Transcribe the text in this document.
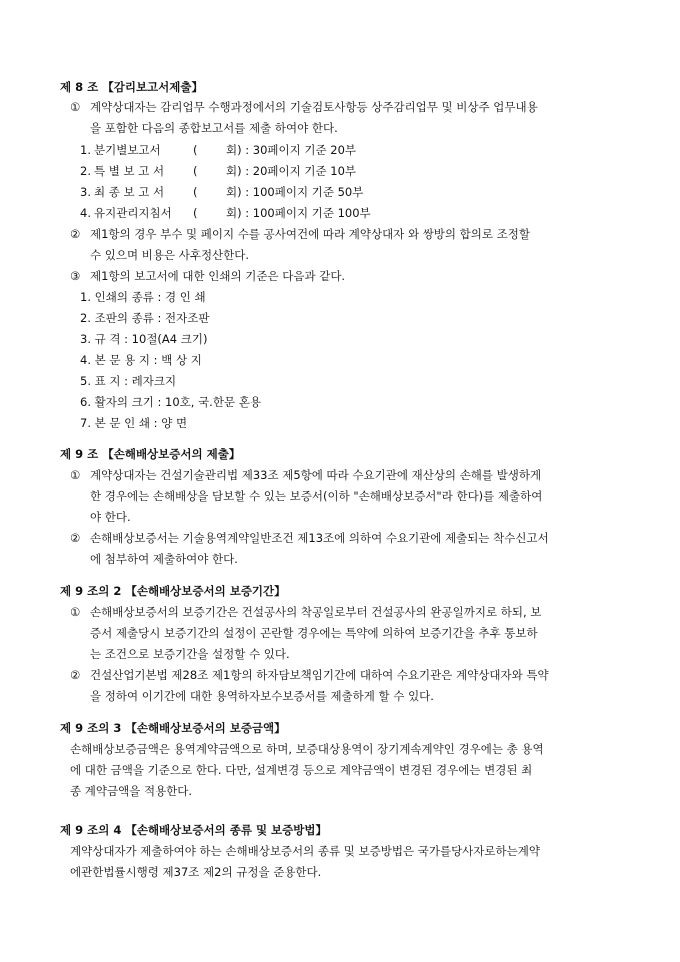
제 8 조 【감리보고서제출】
① 계약상대자는 감리업무 수행과정에서의 기술검토사항등 상주감리업무 및 비상주 업무내용
을 포함한 다음의 종합보고서를 제출 하여야 한다.
1. 분기별보고서	( 회) : 30페이지 기준 20부
2. 특 별 보 고 서	( 회) : 20페이지 기준 10부
3. 최 종 보 고 서	( 회) : 100페이지 기준 50부
4. 유지관리지침서 ( 회) : 100페이지 기준 100부
② 제1항의 경우 부수 및 페이지 수를 공사여건에 따라 계약상대자 와 쌍방의 합의로 조정할
수 있으며 비용은 사후정산한다.
③ 제1항의 보고서에 대한 인쇄의 기준은 다음과 같다.
1. 인쇄의 종류 : 경 인 쇄
2. 조판의 종류 : 전자조판
3. 규 격 : 10절(A4 크기)
4. 본 문 용 지 : 백 상 지
5. 표 지 : 레자크지
6. 활자의 크기 : 10호, 국.한문 혼용
7. 본 문 인 쇄 : 양 면
제 9 조 【손해배상보증서의 제출】
① 계약상대자는 건설기술관리법 제33조 제5항에 따라 수요기관에 재산상의 손해를 발생하게
한 경우에는 손해배상을 담보할 수 있는 보증서(이하 "손해배상보증서"라 한다)를 제출하여
야 한다.
② 손해배상보증서는 기술용역계약일반조건 제13조에 의하여 수요기관에 제출되는 착수신고서
에 첨부하여 제출하여야 한다.
제 9 조의 2 【손해배상보증서의 보증기간】
① 손해배상보증서의 보증기간은 건설공사의 착공일로부터 건설공사의 완공일까지로 하되, 보
증서 제출당시 보증기간의 설정이 곤란할 경우에는 특약에 의하여 보증기간을 추후 통보하
는 조건으로 보증기간을 설정할 수 있다.
② 건설산업기본법 제28조 제1항의 하자담보책임기간에 대하여 수요기관은 계약상대자와 특약
을 정하여 이기간에 대한 용역하자보수보증서를 제출하게 할 수 있다.
제 9 조의 3 【손해배상보증서의 보증금액】
손해배상보증금액은 용역계약금액으로 하며, 보증대상용역이 장기계속계약인 경우에는 총 용역
에 대한 금액을 기준으로 한다. 다만, 설계변경 등으로 계약금액이 변경된 경우에는 변경된 최
종 계약금액을 적용한다.
제 9 조의 4 【손해배상보증서의 종류 및 보증방법】
계약상대자가 제출하여야 하는 손해배상보증서의 종류 및 보증방법은 국가를당사자로하는계약
에관한법률시행령 제37조 제2의 규정을 준용한다.
